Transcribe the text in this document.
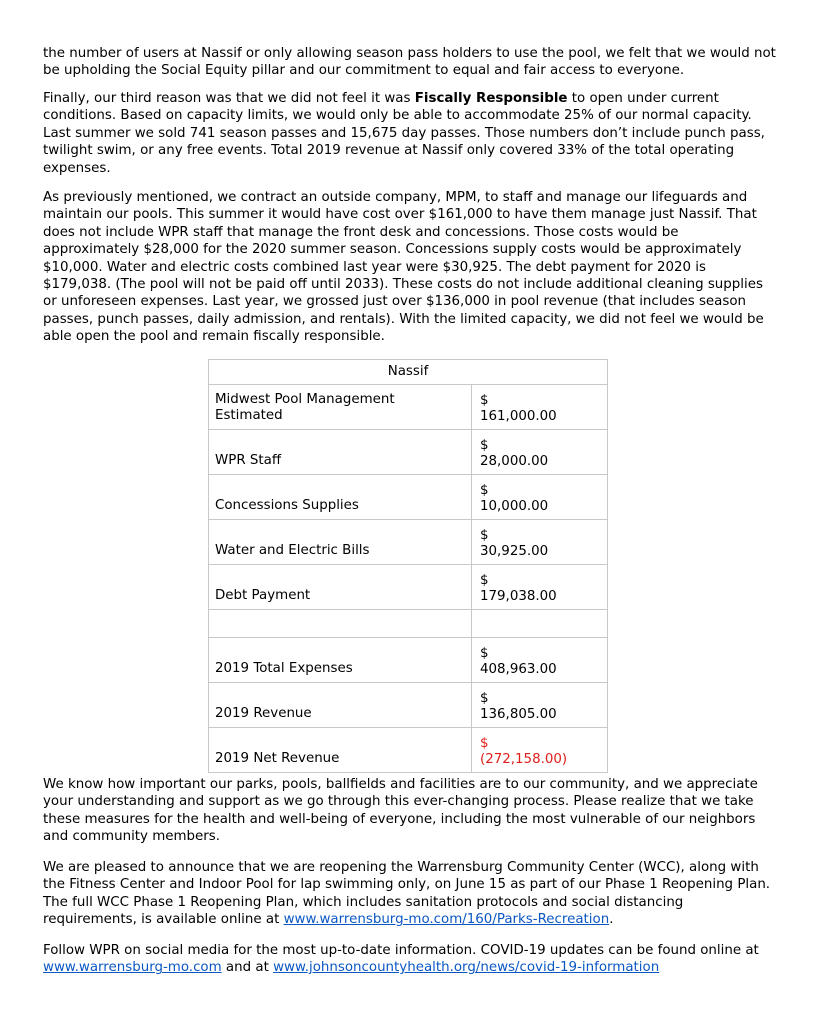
the number of users at Nassif or only allowing season pass holders to use the pool, we felt that we would not be upholding the Social Equity pillar and our commitment to equal and fair access to everyone.

Finally, our third reason was that we did not feel it was Fiscally Responsible to open under current conditions. Based on capacity limits, we would only be able to accommodate 25% of our normal capacity. Last summer we sold 741 season passes and 15,675 day passes. Those numbers don’t include punch pass, twilight swim, or any free events. Total 2019 revenue at Nassif only covered 33% of the total operating expenses.

As previously mentioned, we contract an outside company, MPM, to staff and manage our lifeguards and maintain our pools. This summer it would have cost over $161,000 to have them manage just Nassif. That does not include WPR staff that manage the front desk and concessions. Those costs would be approximately $28,000 for the 2020 summer season. Concessions supply costs would be approximately $10,000. Water and electric costs combined last year were $30,925. The debt payment for 2020 is $179,038. (The pool will not be paid off until 2033). These costs do not include additional cleaning supplies or unforeseen expenses. Last year, we grossed just over $136,000 in pool revenue (that includes season passes, punch passes, daily admission, and rentals). With the limited capacity, we did not feel we would be able open the pool and remain fiscally responsible.

Nassif	
Midwest Pool Management Estimated	$
161,000.00

WPR Staff	$
28,000.00

Concessions Supplies	$
10,000.00

Water and Electric Bills	$
30,925.00

Debt Payment	$
179,038.00

2019 Total Expenses	$
408,963.00

2019 Revenue	$
136,805.00

2019 Net Revenue	$
(272,158.00)

We know how important our parks, pools, ballfields and facilities are to our community, and we appreciate your understanding and support as we go through this ever-changing process. Please realize that we take these measures for the health and well-being of everyone, including the most vulnerable of our neighbors and community members.

We are pleased to announce that we are reopening the Warrensburg Community Center (WCC), along with the Fitness Center and Indoor Pool for lap swimming only, on June 15 as part of our Phase 1 Reopening Plan. The full WCC Phase 1 Reopening Plan, which includes sanitation protocols and social distancing requirements, is available online at www.warrensburg-mo.com/160/Parks-Recreation.

Follow WPR on social media for the most up-to-date information. COVID-19 updates can be found online at www.warrensburg-mo.com and at www.johnsoncountyhealth.org/news/covid-19-information
